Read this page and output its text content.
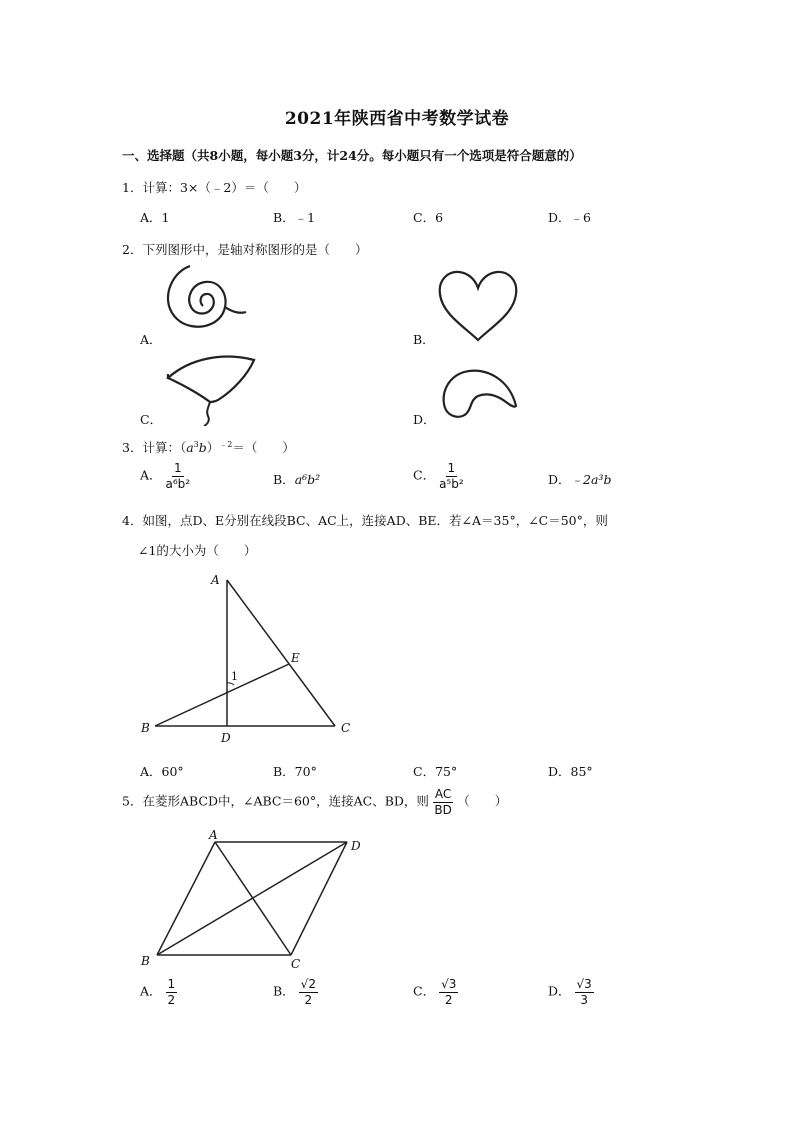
2021年陕西省中考数学试卷
一、选择题（共8小题，每小题3分，计24分。每小题只有一个选项是符合题意的）
1．计算：3×（﹣2）＝（　　）
A．1	B．﹣1	C．6	D．﹣6
2．下列图形中，是轴对称图形的是（　　）
A．	B．
C．	D．
3．计算：$(a^3b)^{﹣2}=$（　　）
A． $\frac{1}{\text{a⁶b²}}$	B．a⁶b²	C． $\frac{1}{\text{a⁵b²}}$	D．﹣2a³b
4．如图，点D、E分别在线段BC、AC上，连接AD、BE．若∠A＝35°，∠C＝50°，则
∠1的大小为（　　）
A
B	C
D
E
1
A．60°	B．70°	C．75°	D．85°
5．在菱形ABCD中，∠ABC＝60°，连接AC、BD，则 $\frac{AC}{BD}$ （　　）
A
B	C
D
A． $\frac{1}{2}$	B． $\frac{√2}{2}$	C． $\frac{√3}{2}$	D． $\frac{√3}{3}$
